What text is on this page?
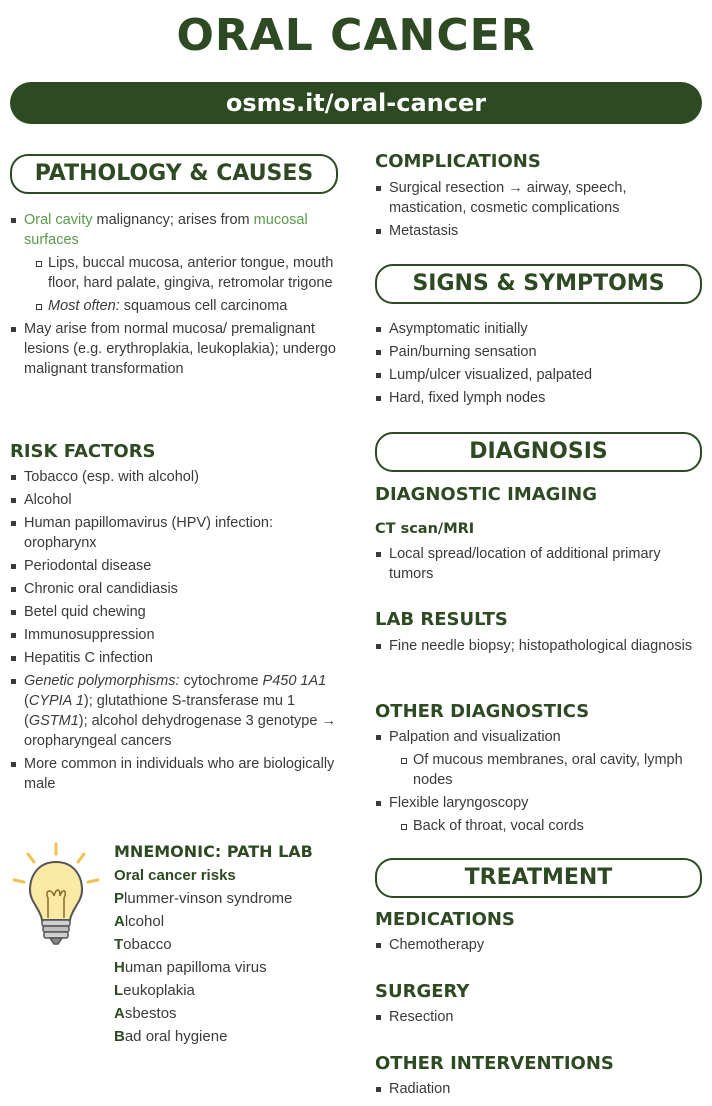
ORAL CANCER
osms.it/oral-cancer
PATHOLOGY & CAUSES
Oral cavity malignancy; arises from mucosal surfaces
Lips, buccal mucosa, anterior tongue, mouth floor, hard palate, gingiva, retromolar trigone
Most often: squamous cell carcinoma
May arise from normal mucosa/ premalignant lesions (e.g. erythroplakia, leukoplakia); undergo malignant transformation
RISK FACTORS
Tobacco (esp. with alcohol)
Alcohol
Human papillomavirus (HPV) infection: oropharynx
Periodontal disease
Chronic oral candidiasis
Betel quid chewing
Immunosuppression
Hepatitis C infection
Genetic polymorphisms: cytochrome P450 1A1 (CYPIA 1); glutathione S-transferase mu 1 (GSTM1); alcohol dehydrogenase 3 genotype → oropharyngeal cancers
More common in individuals who are biologically male
MNEMONIC: PATH LAB
Oral cancer risks
Plummer-vinson syndrome
Alcohol
Tobacco
Human papilloma virus
Leukoplakia
Asbestos
Bad oral hygiene
COMPLICATIONS
Surgical resection → airway, speech, mastication, cosmetic complications
Metastasis
SIGNS & SYMPTOMS
Asymptomatic initially
Pain/burning sensation
Lump/ulcer visualized, palpated
Hard, fixed lymph nodes
DIAGNOSIS
DIAGNOSTIC IMAGING
CT scan/MRI
Local spread/location of additional primary tumors
LAB RESULTS
Fine needle biopsy; histopathological diagnosis
OTHER DIAGNOSTICS
Palpation and visualization
Of mucous membranes, oral cavity, lymph nodes
Flexible laryngoscopy
Back of throat, vocal cords
TREATMENT
MEDICATIONS
Chemotherapy
SURGERY
Resection
OTHER INTERVENTIONS
Radiation
